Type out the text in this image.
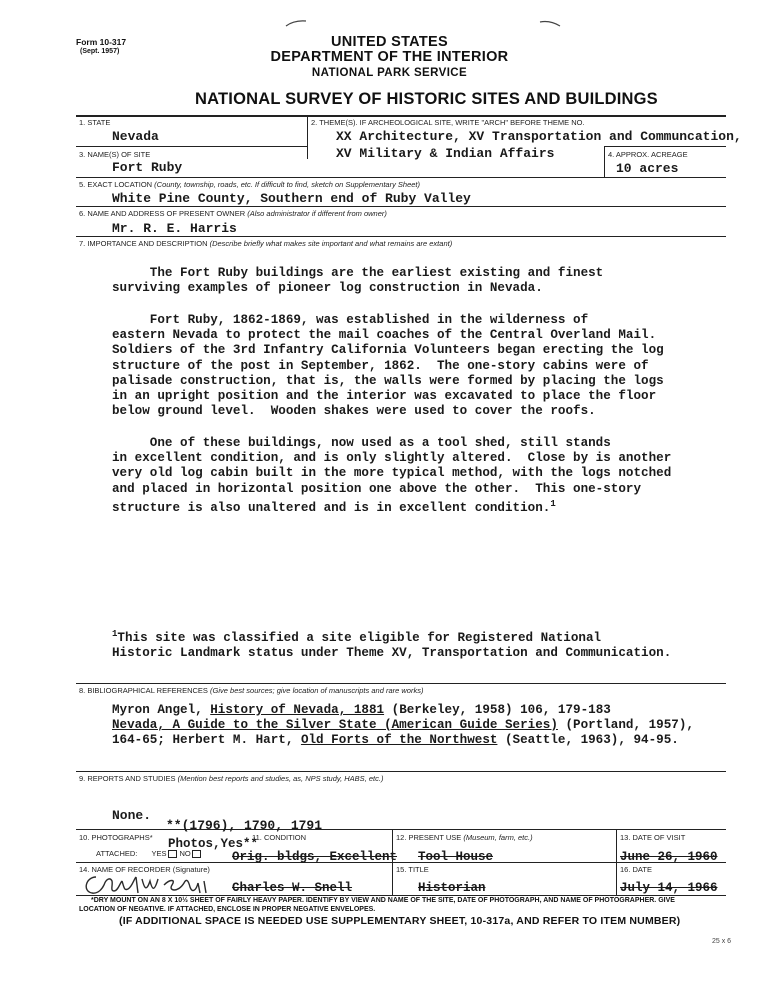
Form 10-317
(Sept. 1957)
UNITED STATES
DEPARTMENT OF THE INTERIOR
NATIONAL PARK SERVICE
NATIONAL SURVEY OF HISTORIC SITES AND BUILDINGS
1. STATE
Nevada
2. THEME(S). IF ARCHEOLOGICAL SITE, WRITE "ARCH" BEFORE THEME NO.
XX Architecture, XV Transportation and Communcation,
XV Military & Indian Affairs
3. NAME(S) OF SITE
Fort Ruby
4. APPROX. ACREAGE
10 acres
5. EXACT LOCATION (County, township, roads, etc. If difficult to find, sketch on Supplementary Sheet)
White Pine County, Southern end of Ruby Valley
6. NAME AND ADDRESS OF PRESENT OWNER (Also administrator if different from owner)
Mr. R. E. Harris
7. IMPORTANCE AND DESCRIPTION (Describe briefly what makes site important and what remains are extant)
The Fort Ruby buildings are the earliest existing and finest
surviving examples of pioneer log construction in Nevada.
Fort Ruby, 1862-1869, was established in the wilderness of
eastern Nevada to protect the mail coaches of the Central Overland Mail.
Soldiers of the 3rd Infantry California Volunteers began erecting the log
structure of the post in September, 1862.  The one-story cabins were of
palisade construction, that is, the walls were formed by placing the logs
in an upright position and the interior was excavated to place the floor
below ground level.  Wooden shakes were used to cover the roofs.
One of these buildings, now used as a tool shed, still stands
in excellent condition, and is only slightly altered.  Close by is another
very old log cabin built in the more typical method, with the logs notched
and placed in horizontal position one above the other.  This one-story
structure is also unaltered and is in excellent condition.$^1$
$^1$This site was classified a site eligible for Registered National
Historic Landmark status under Theme XV, Transportation and Communication.
8. BIBLIOGRAPHICAL REFERENCES (Give best sources; give location of manuscripts and rare works)
Myron Angel, History of Nevada, 1881 (Berkeley, 1958) 106, 179-183
Nevada, A Guide to the Silver State (American Guide Series) (Portland, 1957),
164-65; Herbert M. Hart, Old Forts of the Northwest (Seattle, 1963), 94-95.
9. REPORTS AND STUDIES (Mention best reports and studies, as, NPS study, HABS, etc.)
None.
**(1796), 1790, 1791
10. PHOTOGRAPHS*
ATTACHED: YES NO
Photos,Yes**
11. CONDITION
Orig. bldgs, Excellent
12. PRESENT USE (Museum, farm, etc.)
Tool House
13. DATE OF VISIT
June 26, 1960
14. NAME OF RECORDER (Signature)
Charles W. Snell
15. TITLE
Historian
16. DATE
July 14, 1966
*DRY MOUNT ON AN 8 X 10½ SHEET OF FAIRLY HEAVY PAPER. IDENTIFY BY VIEW AND NAME OF THE SITE, DATE OF PHOTOGRAPH, AND NAME OF PHOTOGRAPHER. GIVE
LOCATION OF NEGATIVE. IF ATTACHED, ENCLOSE IN PROPER NEGATIVE ENVELOPES.
(IF ADDITIONAL SPACE IS NEEDED USE SUPPLEMENTARY SHEET, 10-317a, AND REFER TO ITEM NUMBER)
25 x 6
